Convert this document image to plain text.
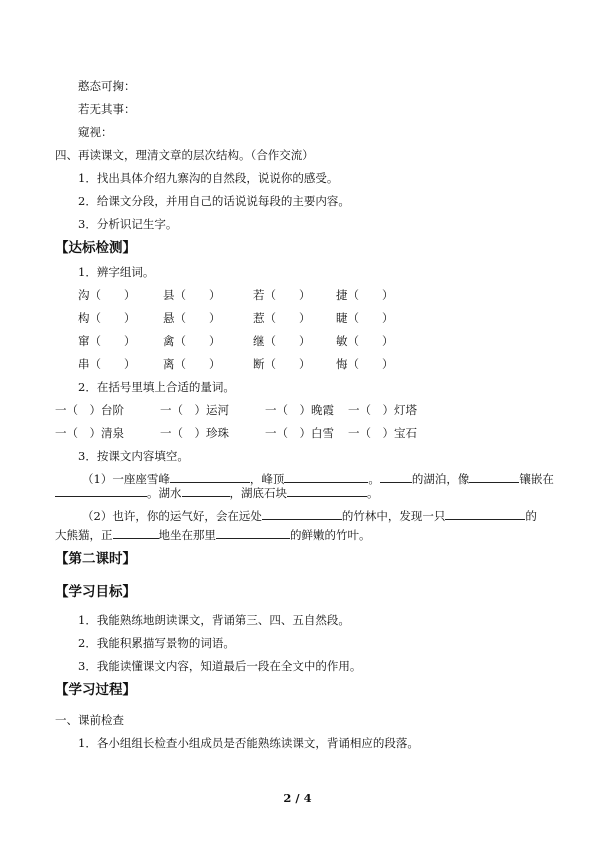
憨态可掬：
若无其事：
窥视：
四、再读课文，理清文章的层次结构。（合作交流）
1．找出具体介绍九寨沟的自然段，说说你的感受。
2．给课文分段，并用自己的话说说每段的主要内容。
3．分析识记生字。
【达标检测】
1．辨字组词。
沟（　　） 县（　　）	若（　　） 捷（　　）
构（　　） 悬（　　）	惹（　　） 睫（　　）
窜（　　） 禽（　　）	继（　　） 敏（　　）
串（　　） 离（　　）	断（　　） 悔（　　）
2．在括号里填上合适的量词。
一（　）台阶	一（　）运河	一（　）晚霞 一（　）灯塔
一（　）清泉	一（　）珍珠	一（　）白雪 一（　）宝石
3．按课文内容填空。
（1）一座座雪峰	，峰顶	。	的湖泊，像	镶嵌在
。湖水	，湖底石块	。
（2）也许，你的运气好，会在远处	的竹林中，发现一只	的
大熊猫，正	地坐在那里	的鲜嫩的竹叶。
【第二课时】
【学习目标】
1．我能熟练地朗读课文，背诵第三、四、五自然段。
2．我能积累描写景物的词语。
3．我能读懂课文内容，知道最后一段在全文中的作用。
【学习过程】
一、课前检查
1．各小组组长检查小组成员是否能熟练读课文，背诵相应的段落。
2 / 4
